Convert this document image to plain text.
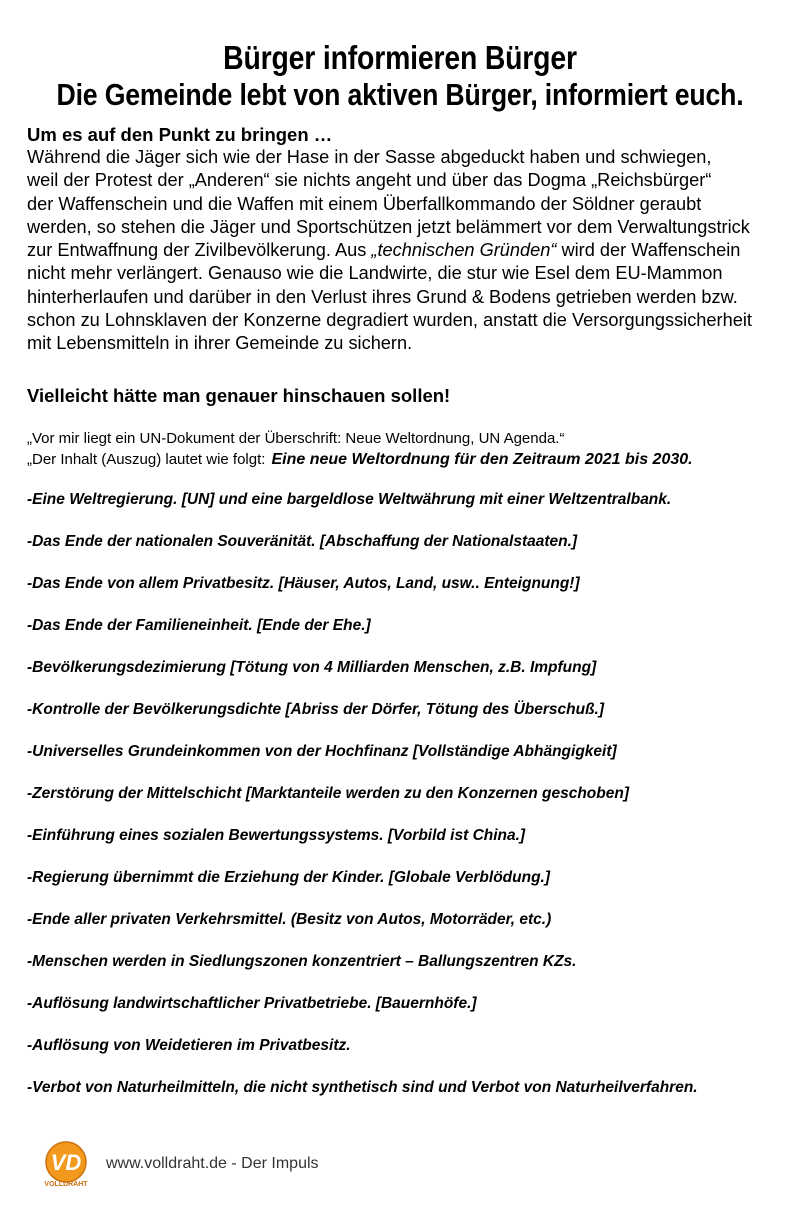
Bürger informieren Bürger
Die Gemeinde lebt von aktiven Bürger, informiert euch.
Um es auf den Punkt zu bringen …
Während die Jäger sich wie der Hase in der Sasse abgeduckt haben und schwiegen,
weil der Protest der „Anderen“ sie nichts angeht und über das Dogma „Reichsbürger“
der Waffenschein und die Waffen mit einem Überfallkommando der Söldner geraubt
werden, so stehen die Jäger und Sportschützen jetzt belämmert vor dem Verwaltungstrick
zur Entwaffnung der Zivilbevölkerung. Aus „technischen Gründen“ wird der Waffenschein
nicht mehr verlängert. Genauso wie die Landwirte, die stur wie Esel dem EU-Mammon
hinterherlaufen und darüber in den Verlust ihres Grund & Bodens getrieben werden bzw.
schon zu Lohnsklaven der Konzerne degradiert wurden, anstatt die Versorgungssicherheit
mit Lebensmitteln in ihrer Gemeinde zu sichern.
Vielleicht hätte man genauer hinschauen sollen!
„Vor mir liegt ein UN-Dokument der Überschrift: Neue Weltordnung, UN Agenda.“
„Der Inhalt (Auszug) lautet wie folgt: Eine neue Weltordnung für den Zeitraum 2021 bis 2030.
-Eine Weltregierung. [UN] und eine bargeldlose Weltwährung mit einer Weltzentralbank.
-Das Ende der nationalen Souveränität. [Abschaffung der Nationalstaaten.]
-Das Ende von allem Privatbesitz. [Häuser, Autos, Land, usw.. Enteignung!]
-Das Ende der Familieneinheit. [Ende der Ehe.]
-Bevölkerungsdezimierung [Tötung von 4 Milliarden Menschen, z.B. Impfung]
-Kontrolle der Bevölkerungsdichte [Abriss der Dörfer, Tötung des Überschuß.]
-Universelles Grundeinkommen von der Hochfinanz [Vollständige Abhängigkeit]
-Zerstörung der Mittelschicht [Marktanteile werden zu den Konzernen geschoben]
-Einführung eines sozialen Bewertungssystems. [Vorbild ist China.]
-Regierung übernimmt die Erziehung der Kinder. [Globale Verblödung.]
-Ende aller privaten Verkehrsmittel. (Besitz von Autos, Motorräder, etc.)
-Menschen werden in Siedlungszonen konzentriert – Ballungszentren KZs.
-Auflösung landwirtschaftlicher Privatbetriebe. [Bauernhöfe.]
-Auflösung von Weidetieren im Privatbesitz.
-Verbot von Naturheilmitteln, die nicht synthetisch sind und Verbot von Naturheilverfahren.
VD
VOLLDRAHT
www.volldraht.de - Der Impuls
